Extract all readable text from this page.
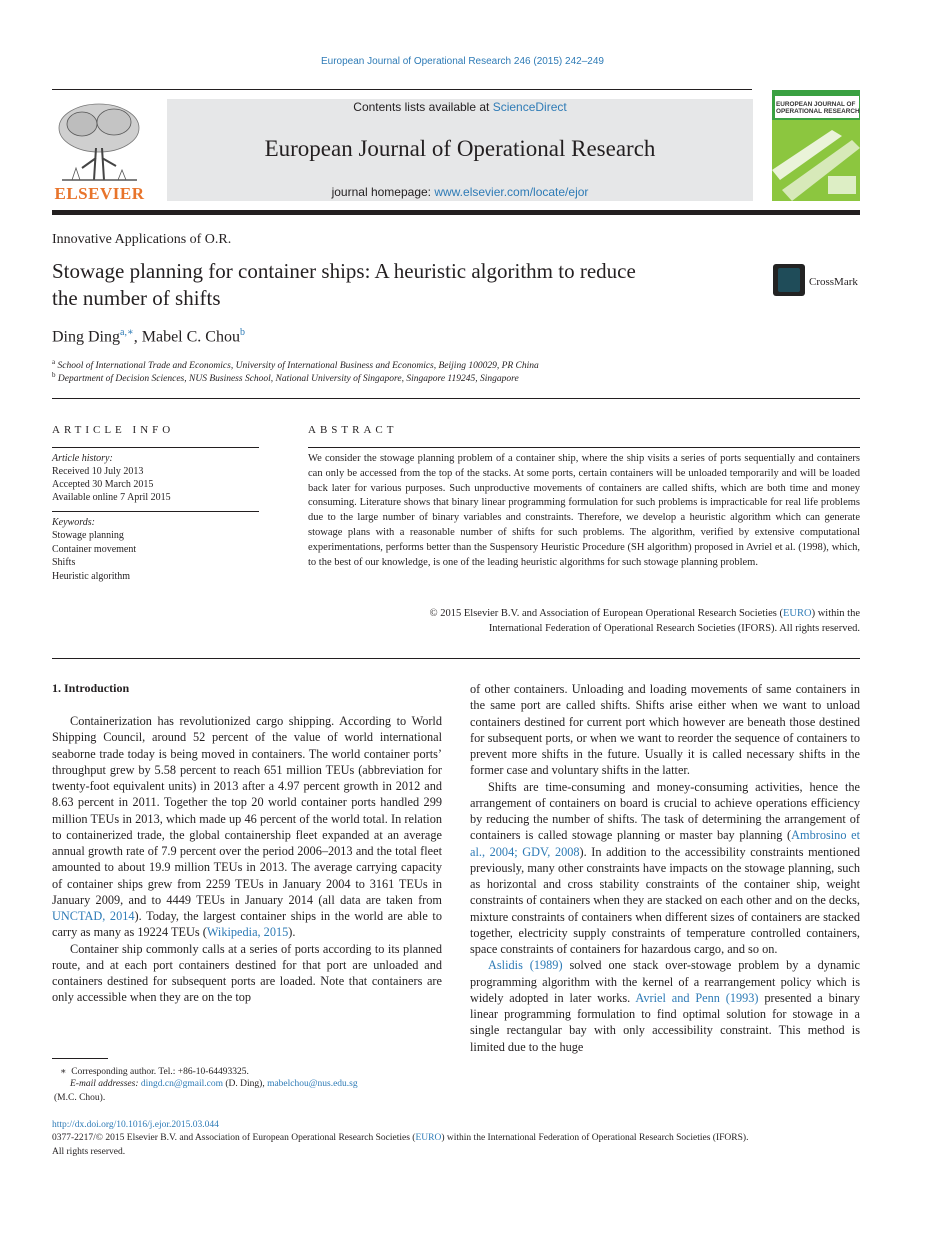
European Journal of Operational Research 246 (2015) 242–249
ELSEVIER
Contents lists available at ScienceDirect
European Journal of Operational Research
journal homepage: www.elsevier.com/locate/ejor
EUROPEAN JOURNAL OF
OPERATIONAL RESEARCH
Innovative Applications of O.R.
Stowage planning for container ships: A heuristic algorithm to reduce
the number of shifts
CrossMark
Ding Ding$^{a,∗}$, Mabel C. Chou$^b$
$^a$ School of International Trade and Economics, University of International Business and Economics, Beijing 100029, PR China
$^b$ Department of Decision Sciences, NUS Business School, National University of Singapore, Singapore 119245, Singapore
ARTICLE INFO	ABSTRACT
Article history:
Received 10 July 2013
Accepted 30 March 2015
Available online 7 April 2015
Keywords:
Stowage planning
Container movement
Shifts
Heuristic algorithm
We consider the stowage planning problem of a container ship, where the ship visits a series of ports sequentially and containers can only be accessed from the top of the stacks. At some ports, certain containers will be unloaded temporarily and will be loaded back later for various purposes. Such unproductive movements of containers are called shifts, which are both time and money consuming. Literature shows that binary linear programming formulation for such problems is impracticable for real life problems due to the large number of binary variables and constraints. Therefore, we develop a heuristic algorithm which can generate stowage plans with a reasonable number of shifts for such problems. The algorithm, verified by extensive computational experimentations, performs better than the Suspensory Heuristic Procedure (SH algorithm) proposed in Avriel et al. (1998), which, to the best of our knowledge, is one of the leading heuristic algorithms for such stowage planning problem.
© 2015 Elsevier B.V. and Association of European Operational Research Societies (EURO) within the
International Federation of Operational Research Societies (IFORS). All rights reserved.
1. Introduction

Containerization has revolutionized cargo shipping. According to World Shipping Council, around 52 percent of the value of world international seaborne trade today is being moved in containers. The world container ports’ throughput grew by 5.58 percent to reach 651 million TEUs (abbreviation for twenty-foot equivalent units) in 2013 after a 4.97 percent growth in 2012 and 8.63 percent in 2011. Together the top 20 world container ports handled 299 million TEUs in 2013, which made up 46 percent of the world total. In relation to containerized trade, the global containership fleet expanded at an average annual growth rate of 7.9 percent over the period 2006–2013 and the total fleet amounted to about 19.9 million TEUs in 2013. The average carrying capacity of container ships grew from 2259 TEUs in January 2004 to 3161 TEUs in January 2009, and to 4449 TEUs in January 2014 (all data are taken from UNCTAD, 2014). Today, the largest container ships in the world are able to carry as many as 19224 TEUs (Wikipedia, 2015).

Container ship commonly calls at a series of ports according to its planned route, and at each port containers destined for that port are unloaded and containers destined for subsequent ports are loaded. Note that containers are only accessible when they are on the top

of other containers. Unloading and loading movements of same containers in the same port are called shifts. Shifts arise either when we want to unload containers destined for current port which however are beneath those destined for subsequent ports, or when we want to reorder the sequence of containers to prevent more shifts in the future. Usually it is called necessary shifts in the former case and voluntary shifts in the latter.

Shifts are time-consuming and money-consuming activities, hence the arrangement of containers on board is crucial to achieve operations efficiency by reducing the number of shifts. The task of determining the arrangement of containers is called stowage planning or master bay planning (Ambrosino et al., 2004; GDV, 2008). In addition to the accessibility constraints mentioned previously, many other constraints have impacts on the stowage planning, such as horizontal and cross stability constraints of the container ship, weight constraints of containers when they are stacked on each other and on the decks, mixture constraints of containers when different sizes of containers are stacked together, electricity supply constraints of temperature controlled containers, space constraints of containers for hazardous cargo, and so on.

Aslidis (1989) solved one stack over-stowage problem by a dynamic programming algorithm with the kernel of a rearrangement policy which is widely adopted in later works. Avriel and Penn (1993) presented a binary linear programming formulation to find optimal solution for stowage in a single rectangular bay with only accessibility constraint. This method is limited due to the huge

∗ Corresponding author. Tel.: +86-10-64493325.
E-mail addresses: dingd.cn@gmail.com (D. Ding), mabelchou@nus.edu.sg
(M.C. Chou).
http://dx.doi.org/10.1016/j.ejor.2015.03.044
0377-2217/© 2015 Elsevier B.V. and Association of European Operational Research Societies (EURO) within the International Federation of Operational Research Societies (IFORS).
All rights reserved.
